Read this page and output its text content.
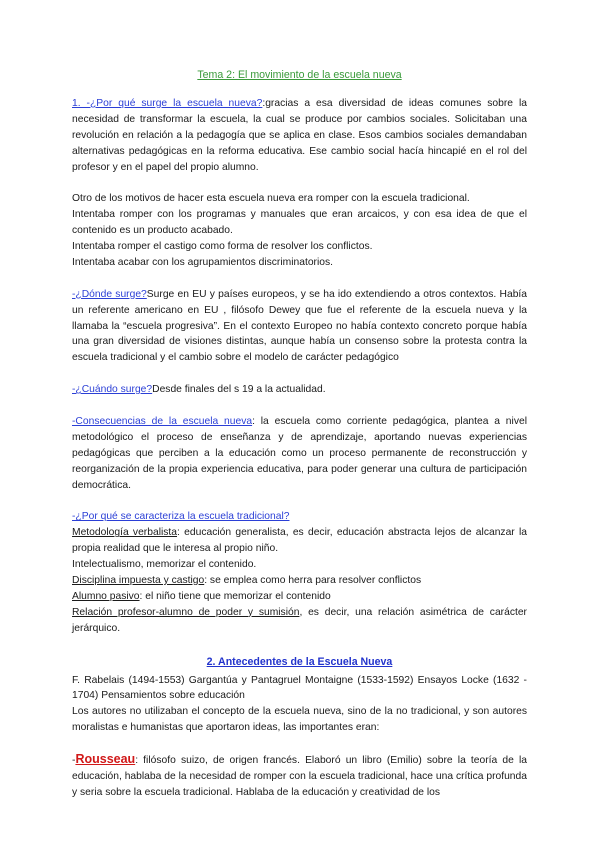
Tema 2: El movimiento de la escuela nueva

1. -¿Por qué surge la escuela nueva?:gracias a esa diversidad de ideas comunes sobre la necesidad de transformar la escuela, la cual se produce por cambios sociales. Solicitaban una revolución en relación a la pedagogía que se aplica en clase. Esos cambios sociales demandaban alternativas pedagógicas en la reforma educativa. Ese cambio social hacía hincapié en el rol del profesor y en el papel del propio alumno.

Otro de los motivos de hacer esta escuela nueva era romper con la escuela tradicional.

Intentaba romper con los programas y manuales que eran arcaicos, y con esa idea de que el contenido es un producto acabado.

Intentaba romper el castigo como forma de resolver los conflictos.

Intentaba acabar con los agrupamientos discriminatorios.

-¿Dónde surge?Surge en EU y países europeos, y se ha ido extendiendo a otros contextos. Había un referente americano en EU , filósofo Dewey que fue el referente de la escuela nueva y la llamaba la “escuela progresiva”. En el contexto Europeo no había contexto concreto porque había una gran diversidad de visiones distintas, aunque había un consenso sobre la protesta contra la escuela tradicional y el cambio sobre el modelo de carácter pedagógico

-¿Cuándo surge?Desde finales del s 19 a la actualidad.

-Consecuencias de la escuela nueva: la escuela como corriente pedagógica, plantea a nivel metodológico el proceso de enseñanza y de aprendizaje, aportando nuevas experiencias pedagógicas que perciben a la educación como un proceso permanente de reconstrucción y reorganización de la propia experiencia educativa, para poder generar una cultura de participación democrática.

-¿Por qué se caracteriza la escuela tradicional?

Metodología verbalista: educación generalista, es decir, educación abstracta lejos de alcanzar la propia realidad que le interesa al propio niño.

Intelectualismo, memorizar el contenido.

Disciplina impuesta y castigo: se emplea como herra para resolver conflictos

Alumno pasivo: el niño tiene que memorizar el contenido

Relación profesor-alumno de poder y sumisión, es decir, una relación asimétrica de carácter jerárquico.

2. Antecedentes de la Escuela Nueva

F. Rabelais (1494-1553) Gargantúa y Pantagruel Montaigne (1533-1592) Ensayos Locke (1632 - 1704) Pensamientos sobre educación

Los autores no utilizaban el concepto de la escuela nueva, sino de la no tradicional, y son autores moralistas e humanistas que aportaron ideas, las importantes eran:

-Rousseau: filósofo suizo, de origen francés. Elaboró un libro (Emilio) sobre la teoría de la educación, hablaba de la necesidad de romper con la escuela tradicional, hace una crítica profunda y seria sobre la escuela tradicional. Hablaba de la educación y creatividad de los
